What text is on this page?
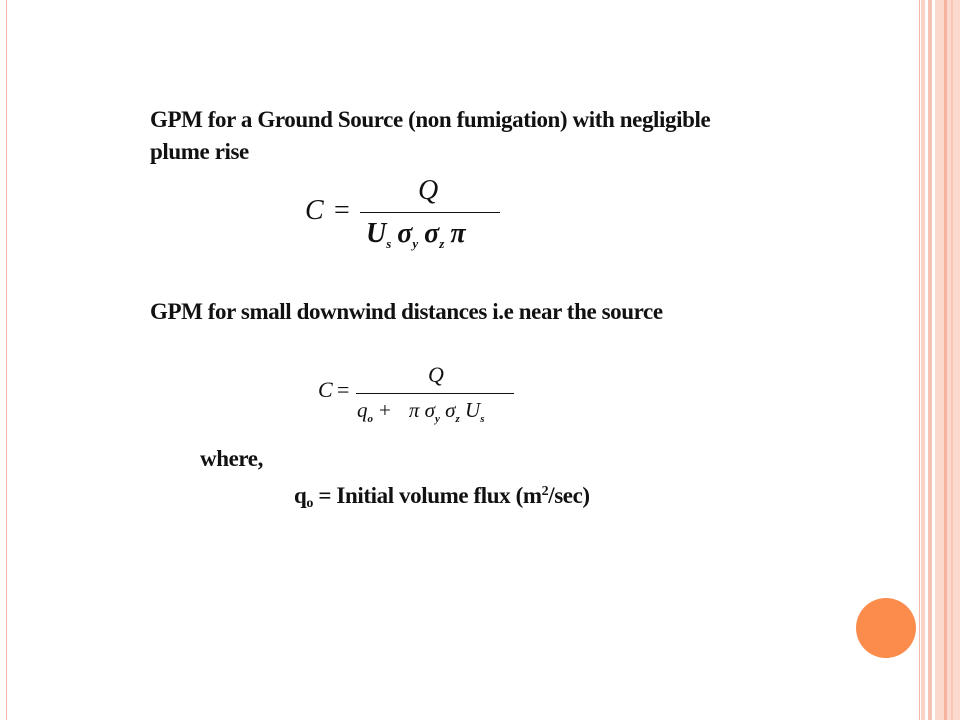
GPM for a Ground Source (non fumigation) with negligible
plume rise
C =
Q
$U_s$ $\sigma_y$ $\sigma_z$ π
GPM for small downwind distances i.e near the source
C =
Q
$q_o + \pi$ $\sigma_y$ $\sigma_z$ $U_s$
where,
$q_o$ = Initial volume flux $(m^2/\sec)$
